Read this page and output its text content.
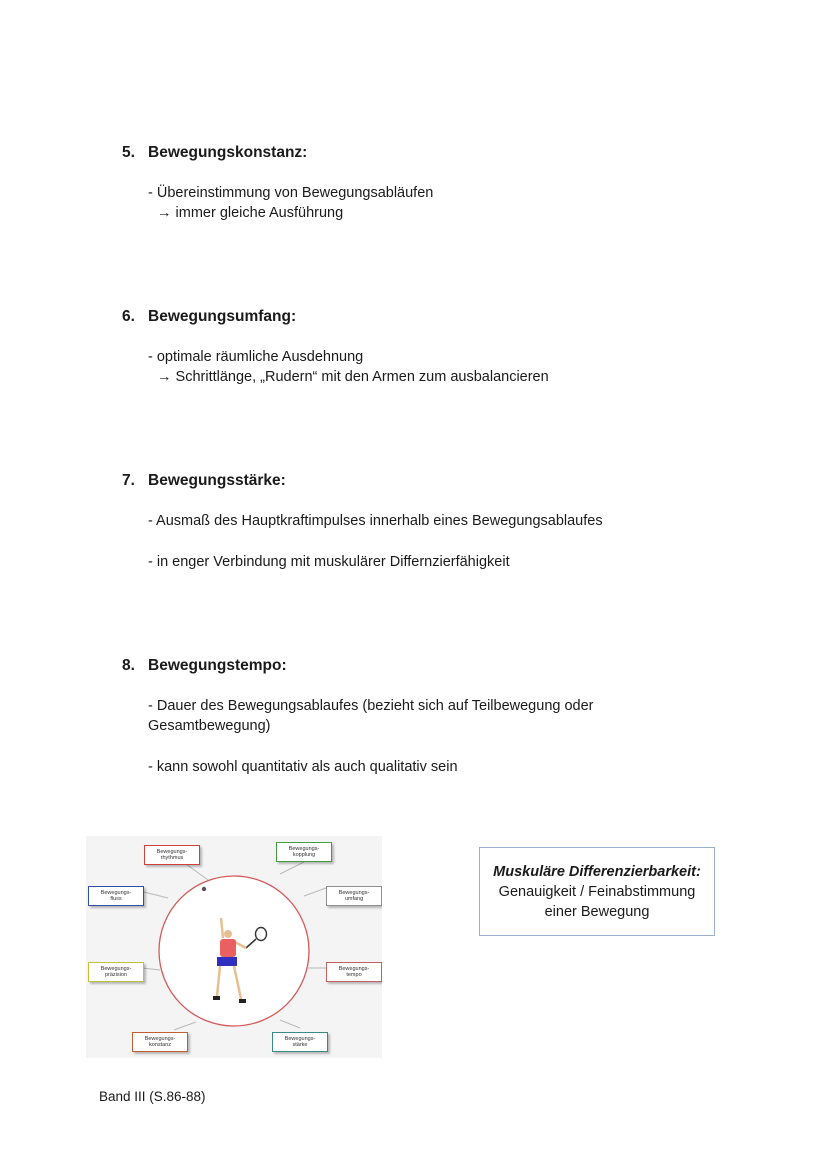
5. Bewegungskonstanz:
- Übereinstimmung von Bewegungsabläufen
→ immer gleiche Ausführung
6. Bewegungsumfang:
- optimale räumliche Ausdehnung
→ Schrittlänge, „Rudern“ mit den Armen zum ausbalancieren
7. Bewegungsstärke:
- Ausmaß des Hauptkraftimpulses innerhalb eines Bewegungsablaufes
- in enger Verbindung mit muskulärer Differnzierfähigkeit
8. Bewegungstempo:
- Dauer des Bewegungsablaufes (bezieht sich auf Teilbewegung oder
Gesamtbewegung)
- kann sowohl quantitativ als auch qualitativ sein
Bewegungs-
rhythmus
Bewegungs-
kopplung
Bewegungs-
fluss
Bewegungs-
umfang
Bewegungs-
präzision
Bewegungs-
tempo
Bewegungs-
konstanz
Bewegungs-
stärke
Muskuläre Differenzierbarkeit:
Genauigkeit / Feinabstimmung
einer Bewegung
Band III (S.86-88)
